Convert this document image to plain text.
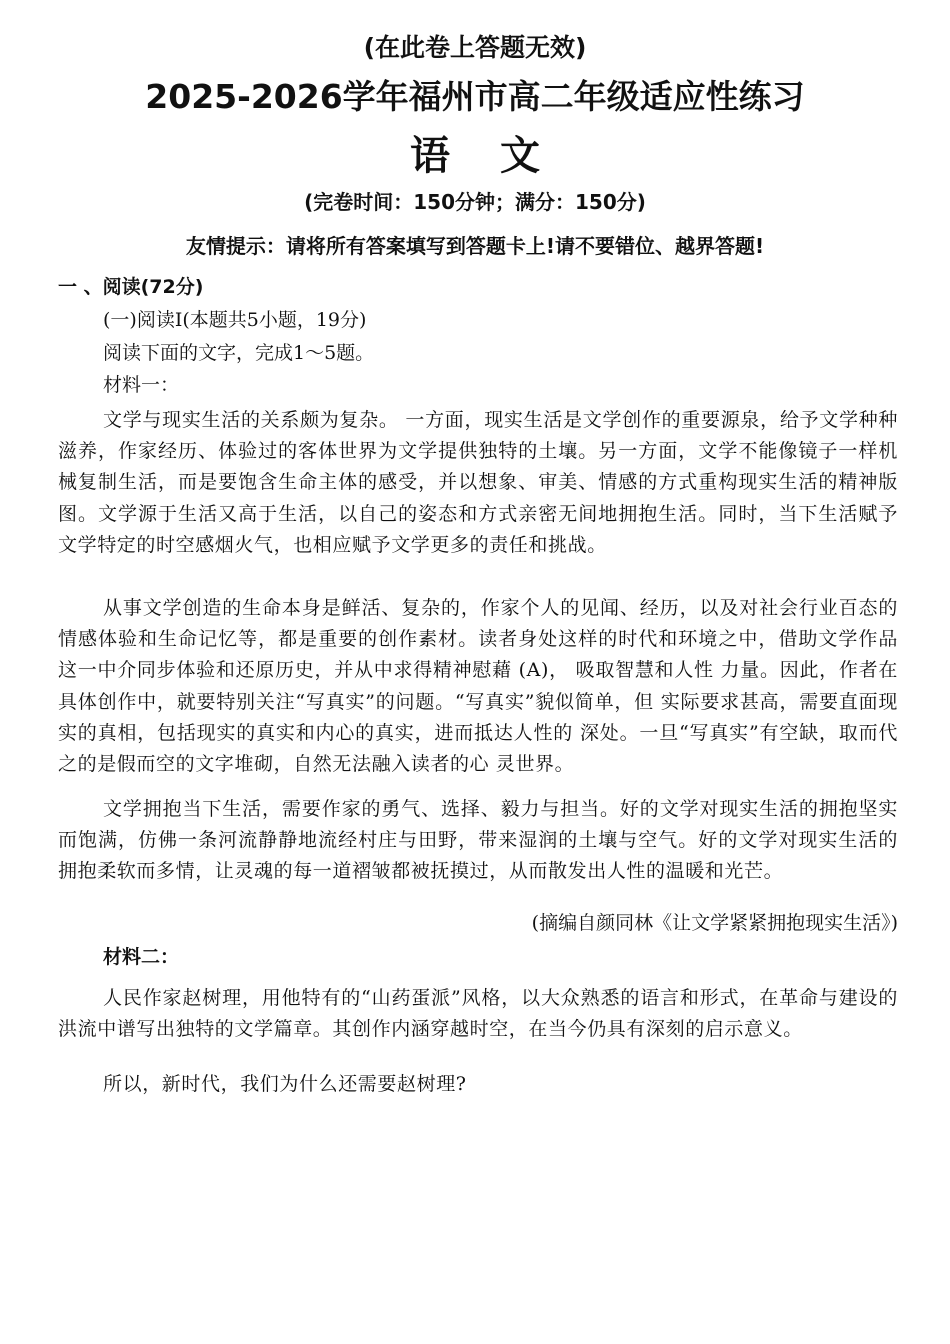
(在此卷上答题无效)
2025-2026学年福州市高二年级适应性练习
语文
(完卷时间：150分钟；满分：150分)
友情提示：请将所有答案填写到答题卡上!请不要错位、越界答题!
一 、阅读(72分)
(一)阅读Ⅰ(本题共5小题，19分)
阅读下面的文字，完成1～5题。
材料一：

文学与现实生活的关系颇为复杂。 一方面，现实生活是文学创作的重要源泉，给予文学种种滋养，作家经历、体验过的客体世界为文学提供独特的土壤。另一方面，文学不能像镜子一样机械复制生活，而是要饱含生命主体的感受，并以想象、审美、情感的方式重构现实生活的精神版图。文学源于生活又高于生活，以自己的姿态和方式亲密无间地拥抱生活。同时，当下生活赋予文学特定的时空感烟火气，也相应赋予文学更多的责任和挑战。

从事文学创造的生命本身是鲜活、复杂的，作家个人的见闻、经历，以及对社会行业百态的情感体验和生命记忆等，都是重要的创作素材。读者身处这样的时代和环境之中，借助文学作品这一中介同步体验和还原历史，并从中求得精神慰藉 (A)， 吸取智慧和人性 力量。因此，作者在具体创作中，就要特别关注“写真实”的问题。“写真实”貌似简单，但 实际要求甚高，需要直面现实的真相，包括现实的真实和内心的真实，进而抵达人性的 深处。一旦“写真实”有空缺，取而代之的是假而空的文字堆砌，自然无法融入读者的心 灵世界。

文学拥抱当下生活，需要作家的勇气、选择、毅力与担当。好的文学对现实生活的拥抱坚实而饱满，仿佛一条河流静静地流经村庄与田野，带来湿润的土壤与空气。好的文学对现实生活的拥抱柔软而多情，让灵魂的每一道褶皱都被抚摸过，从而散发出人性的温暖和光芒。

(摘编自颜同林《让文学紧紧拥抱现实生活》)
材料二：

人民作家赵树理，用他特有的“山药蛋派”风格，以大众熟悉的语言和形式，在革命与建设的洪流中谱写出独特的文学篇章。其创作内涵穿越时空，在当今仍具有深刻的启示意义。

所以，新时代，我们为什么还需要赵树理?
